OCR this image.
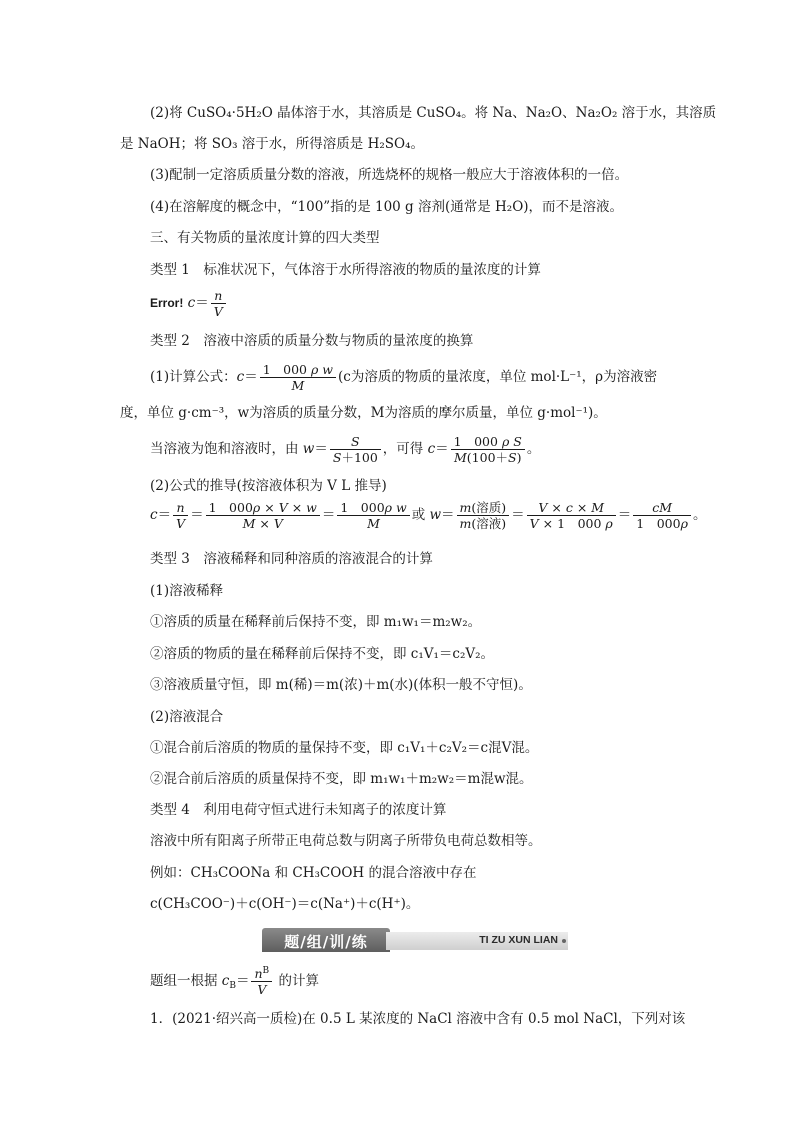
(2)将 CuSO₄·5H₂O 晶体溶于水，其溶质是 CuSO₄。将 Na、Na₂O、Na₂O₂ 溶于水，其溶质
是 NaOH；将 SO₃ 溶于水，所得溶质是 H₂SO₄。
(3)配制一定溶质质量分数的溶液，所选烧杯的规格一般应大于溶液体积的一倍。
(4)在溶解度的概念中，“100”指的是 100 g 溶剂(通常是 H₂O)，而不是溶液。
三、有关物质的量浓度计算的四大类型
类型 1　标准状况下，气体溶于水所得溶液的物质的量浓度的计算
Error! $c= \frac{n}{V}$
类型 2　溶液中溶质的质量分数与物质的量浓度的换算
(1)计算公式：$c= \frac{\text{1　000 ρ w}}{M} (c$为溶质的物质的量浓度，单位 mol·L⁻¹，ρ为溶液密
度，单位 g·cm⁻³，w为溶质的质量分数，M为溶质的摩尔质量，单位 g·mol⁻¹)。
当溶液为饱和溶液时，由 $w= \frac{S}{S+100}$ ，可得 $c= \frac{\text{1　000 ρ S}}{M(100+S)}$ 。
(2)公式的推导(按溶液体积为 V L 推导)
$c= \frac{n}{V} = \frac{1 000\rho \times V \times w}{M \times V} = \frac{\text{1　000ρ w}}{M}$ 或 $w= \frac{\text{m(溶质)}}{\text{m(溶液)}} = \frac{V \times c \times M}{V \times 1 000 \rho} = \frac{cM}{1 000\rho}$ 。
类型 3　溶液稀释和同种溶质的溶液混合的计算
(1)溶液稀释
①溶质的质量在稀释前后保持不变，即 m₁w₁＝m₂w₂。
②溶质的物质的量在稀释前后保持不变，即 c₁V₁＝c₂V₂。
③溶液质量守恒，即 m(稀)＝m(浓)＋m(水)(体积一般不守恒)。
(2)溶液混合
①混合前后溶质的物质的量保持不变，即 c₁V₁＋c₂V₂＝c混V混。
②混合前后溶质的质量保持不变，即 m₁w₁＋m₂w₂＝m混w混。
类型 4　利用电荷守恒式进行未知离子的浓度计算
溶液中所有阳离子所带正电荷总数与阴离子所带负电荷总数相等。
例如：CH₃COONa 和 CH₃COOH 的混合溶液中存在
c(CH₃COO⁻)＋c(OH⁻)＝c(Na⁺)＋c(H⁺)。
题/组/训/练	TI ZU XUN LIAN
题组一根据 $c_B= \frac{n^B}{V}$ 的计算
1．(2021·绍兴高一质检)在 0.5 L 某浓度的 NaCl 溶液中含有 0.5 mol NaCl，下列对该
